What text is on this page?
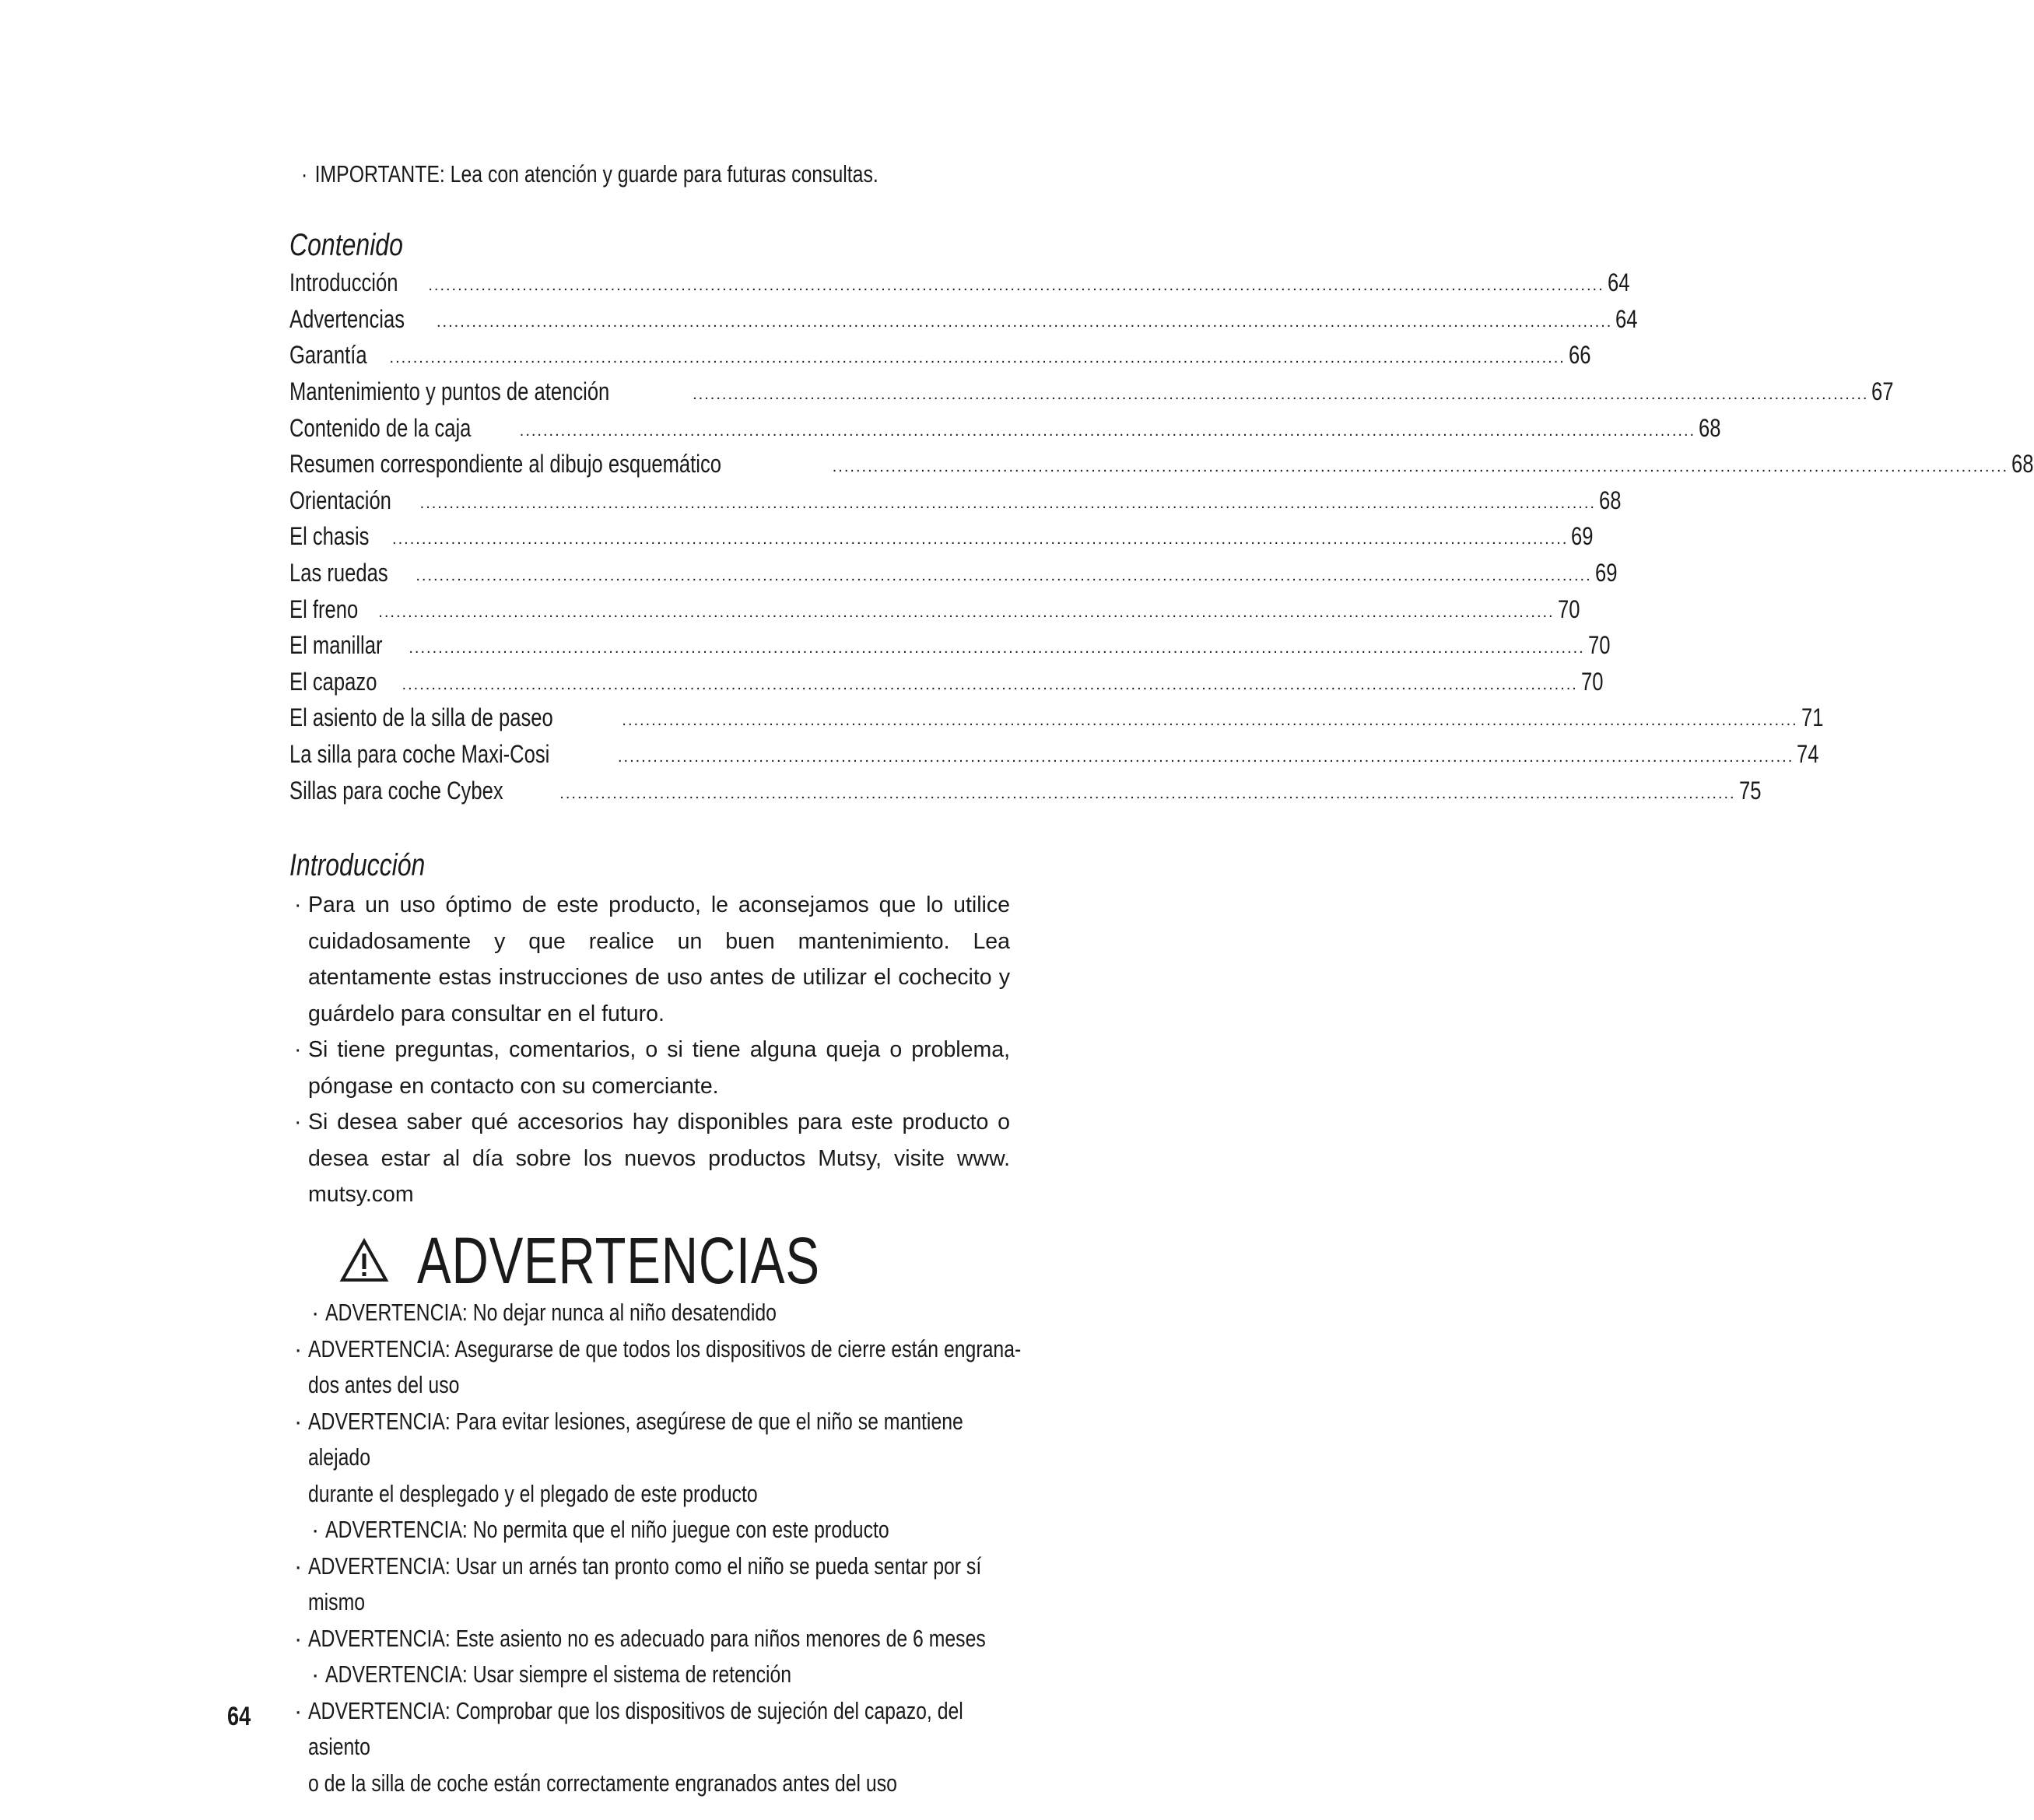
· IMPORTANTE: Lea con atención y guarde para futuras consultas.
Contenido
Introducción ........................................................................................................................................................................................................ 64
Advertencias ........................................................................................................................................................................................................ 64
Garantía ........................................................................................................................................................................................................ 66
Mantenimiento y puntos de atención	........................................................................................................................................................................................................ 67
Contenido de la caja	........................................................................................................................................................................................................ 68
Resumen correspondiente al dibujo esquemático	........................................................................................................................................................................................................ 68
Orientación ........................................................................................................................................................................................................ 68
El chasis ........................................................................................................................................................................................................ 69
Las ruedas ........................................................................................................................................................................................................ 69
El freno ........................................................................................................................................................................................................ 70
El manillar ........................................................................................................................................................................................................ 70
El capazo ........................................................................................................................................................................................................ 70
El asiento de la silla de paseo	........................................................................................................................................................................................................ 71
La silla para coche Maxi-Cosi	........................................................................................................................................................................................................ 74
Sillas para coche Cybex	........................................................................................................................................................................................................ 75
Introducción
· Para un uso óptimo de este producto, le aconsejamos que lo utilice cuidadosamente y que realice un buen mantenimiento. Lea atentamente estas instrucciones de uso antes de utilizar el cochecito y guárdelo para consultar en el futuro.
· Si tiene preguntas, comentarios, o si tiene alguna queja o problema, póngase en contacto con su comerciante.
· Si desea saber qué accesorios hay disponibles para este producto o desea estar al día sobre los nuevos productos Mutsy, visite www. mutsy.com
ADVERTENCIAS
· ADVERTENCIA: No dejar nunca al niño desatendido
· ADVERTENCIA: Asegurarse de que todos los dispositivos de cierre están engrana-
dos antes del uso
· ADVERTENCIA: Para evitar lesiones, asegúrese de que el niño se mantiene alejado
durante el desplegado y el plegado de este producto
· ADVERTENCIA: No permita que el niño juegue con este producto
· ADVERTENCIA: Usar un arnés tan pronto como el niño se pueda sentar por sí mismo
· ADVERTENCIA: Este asiento no es adecuado para niños menores de 6 meses
· ADVERTENCIA: Usar siempre el sistema de retención
· ADVERTENCIA: Comprobar que los dispositivos de sujeción del capazo, del asiento
o de la silla de coche están correctamente engranados antes del uso
64
